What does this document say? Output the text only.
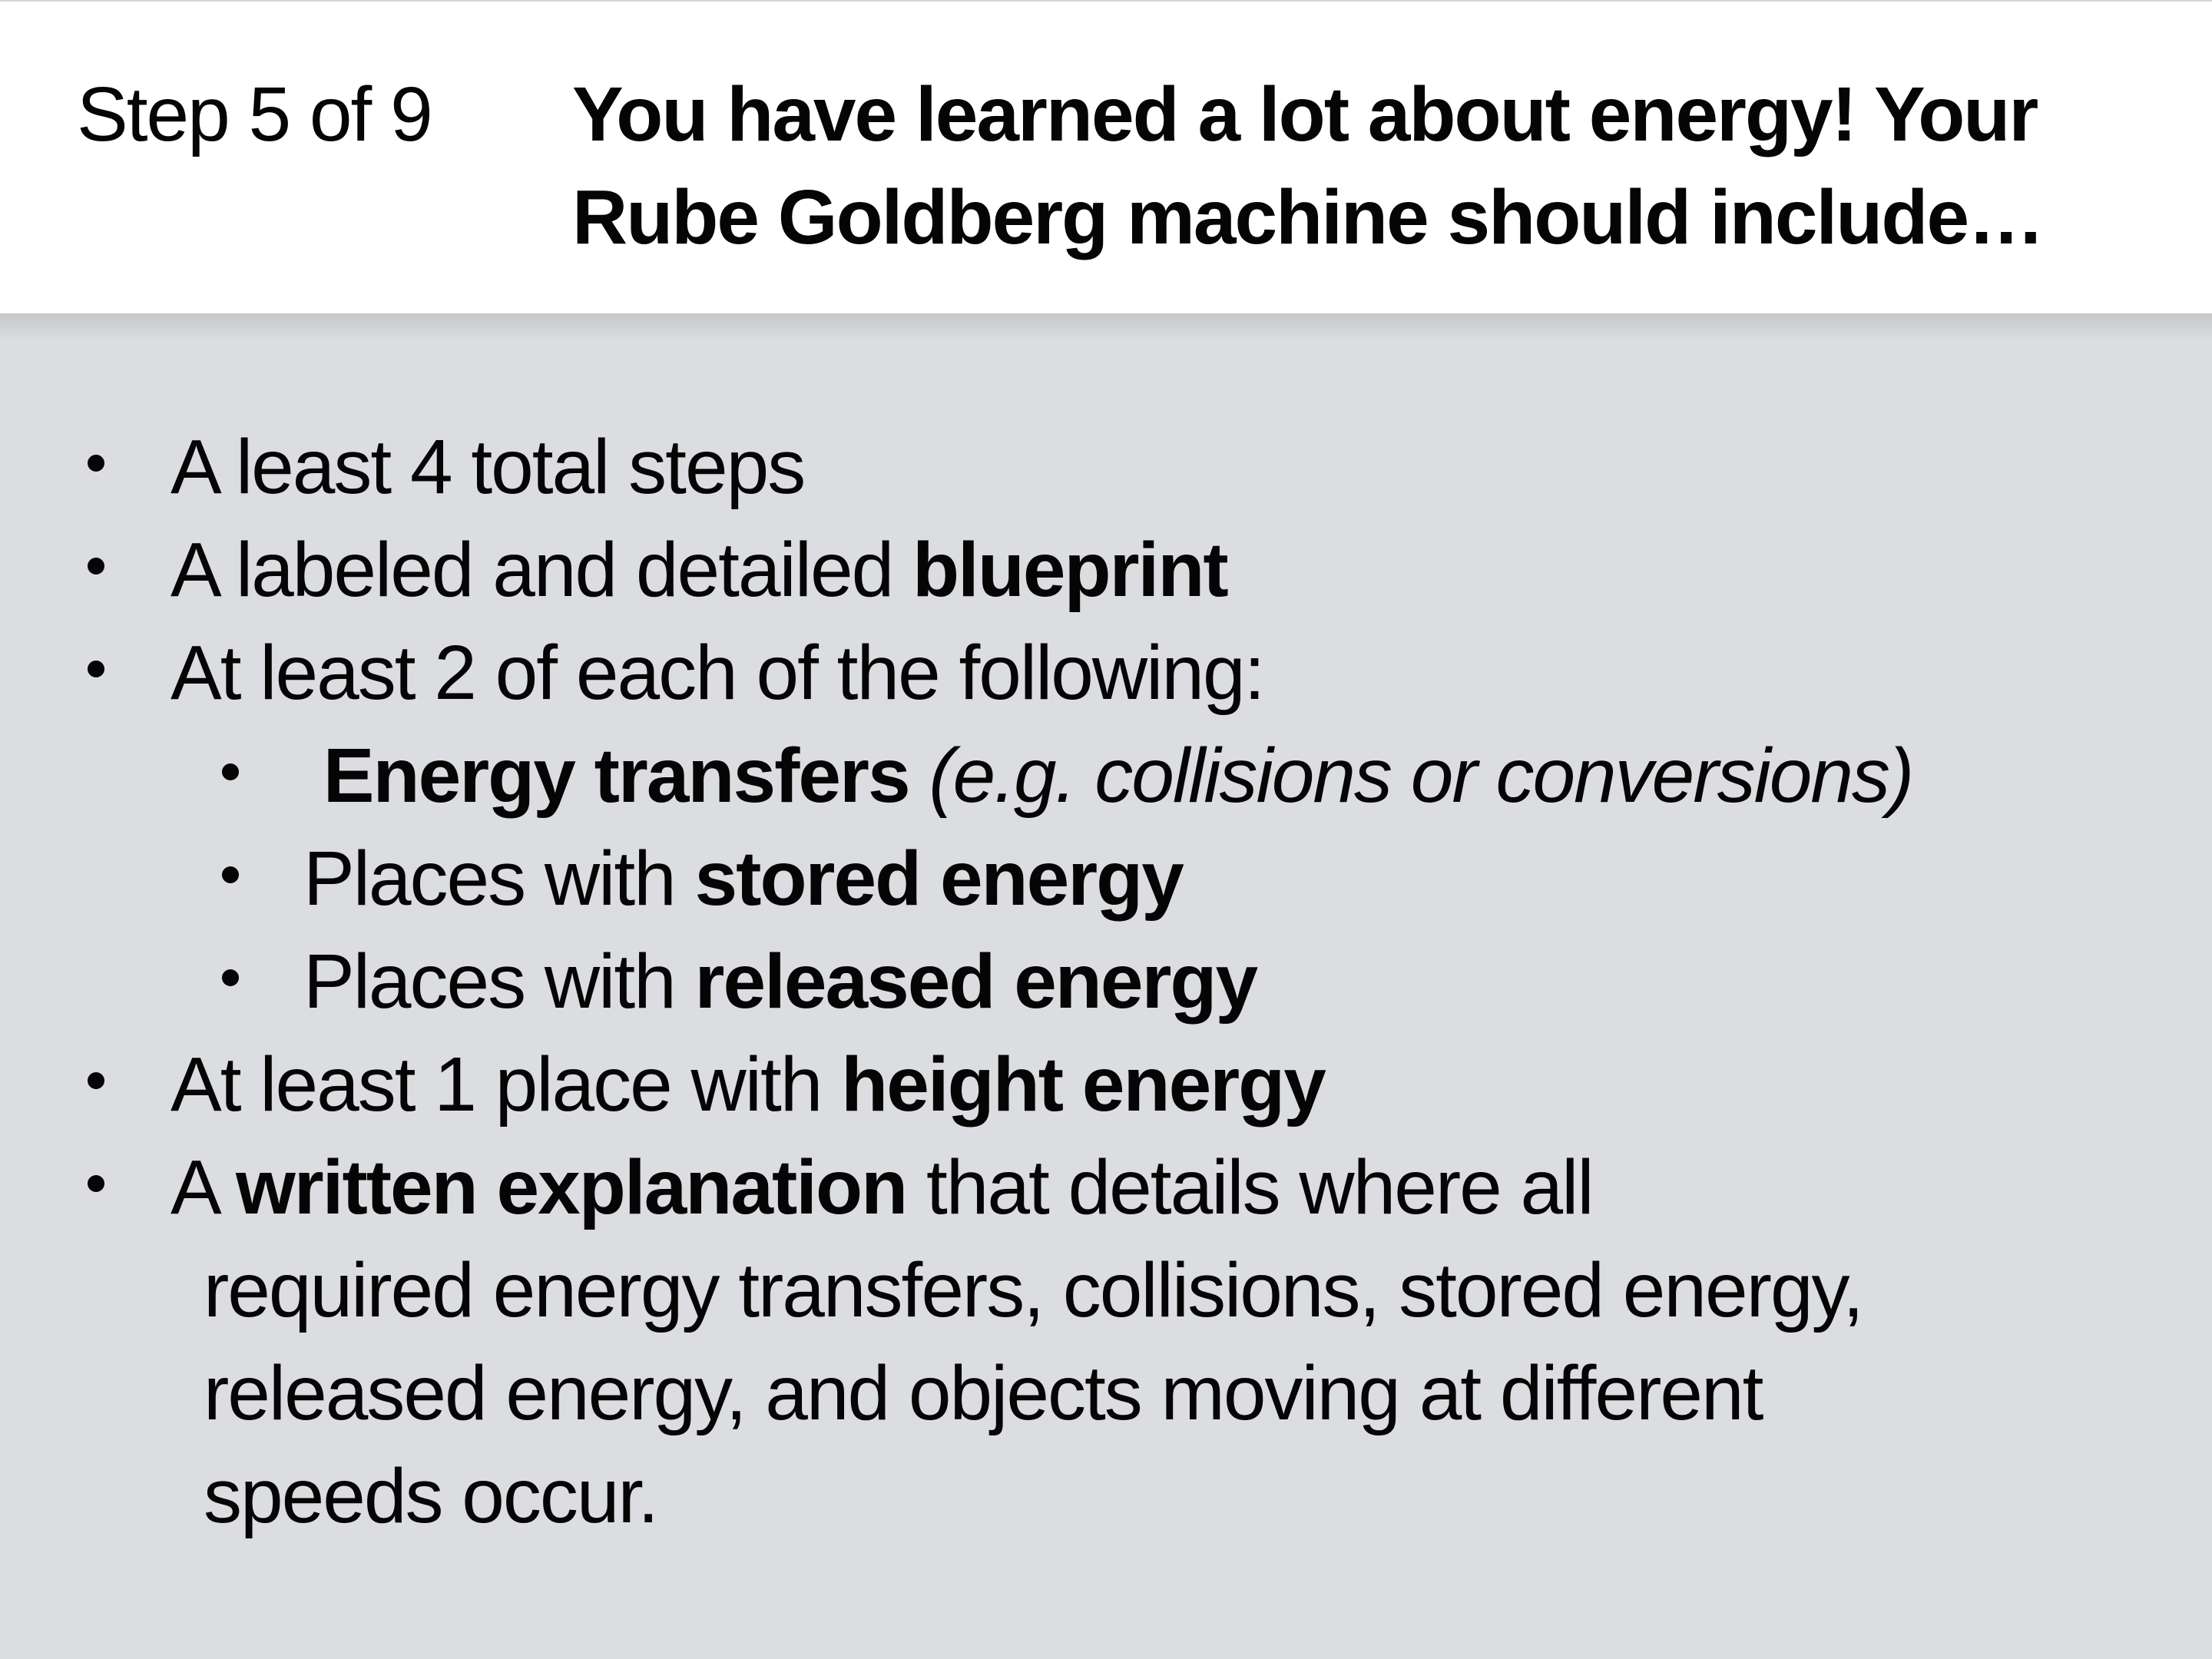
Step 5 of 9 You have learned a lot about energy! Your
Rube Goldberg machine should include…
A least 4 total steps
A labeled and detailed blueprint
At least 2 of each of the following:
Energy transfers (e.g. collisions or conversions)
Places with stored energy
Places with released energy
At least 1 place with height energy
A written explanation that details where all
required energy transfers, collisions, stored energy,
released energy, and objects moving at different
speeds occur.
